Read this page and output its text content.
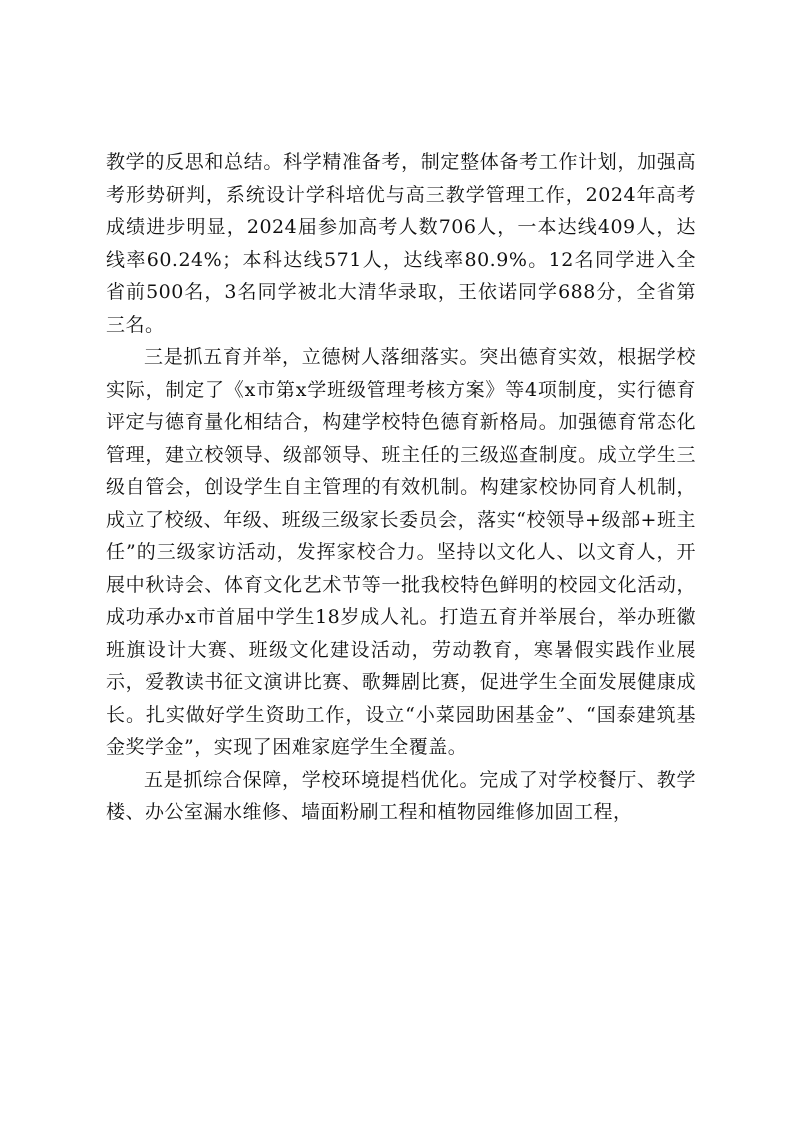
教学的反思和总结。科学精准备考，制定整体备考工作计划，加强高考形势研判，系统设计学科培优与高三教学管理工作，2024年高考成绩进步明显，2024届参加高考人数706人，一本达线409人，达线率60.24%；本科达线571人，达线率80.9%。12名同学进入全省前500名，3名同学被北大清华录取，王依诺同学688分，全省第三名。

三是抓五育并举，立德树人落细落实。突出德育实效，根据学校实际，制定了《x市第x学班级管理考核方案》等4项制度，实行德育评定与德育量化相结合，构建学校特色德育新格局。加强德育常态化管理，建立校领导、级部领导、班主任的三级巡查制度。成立学生三级自管会，创设学生自主管理的有效机制。构建家校协同育人机制，成立了校级、年级、班级三级家长委员会，落实“校领导+级部+班主任”的三级家访活动，发挥家校合力。坚持以文化人、以文育人，开展中秋诗会、体育文化艺术节等一批我校特色鲜明的校园文化活动，成功承办x市首届中学生18岁成人礼。打造五育并举展台，举办班徽班旗设计大赛、班级文化建设活动，劳动教育，寒暑假实践作业展示，爱教读书征文演讲比赛、歌舞剧比赛，促进学生全面发展健康成长。扎实做好学生资助工作，设立“小菜园助困基金”、“国泰建筑基金奖学金”，实现了困难家庭学生全覆盖。

五是抓综合保障，学校环境提档优化。完成了对学校餐厅、教学楼、办公室漏水维修、墙面粉刷工程和植物园维修加固工程，
